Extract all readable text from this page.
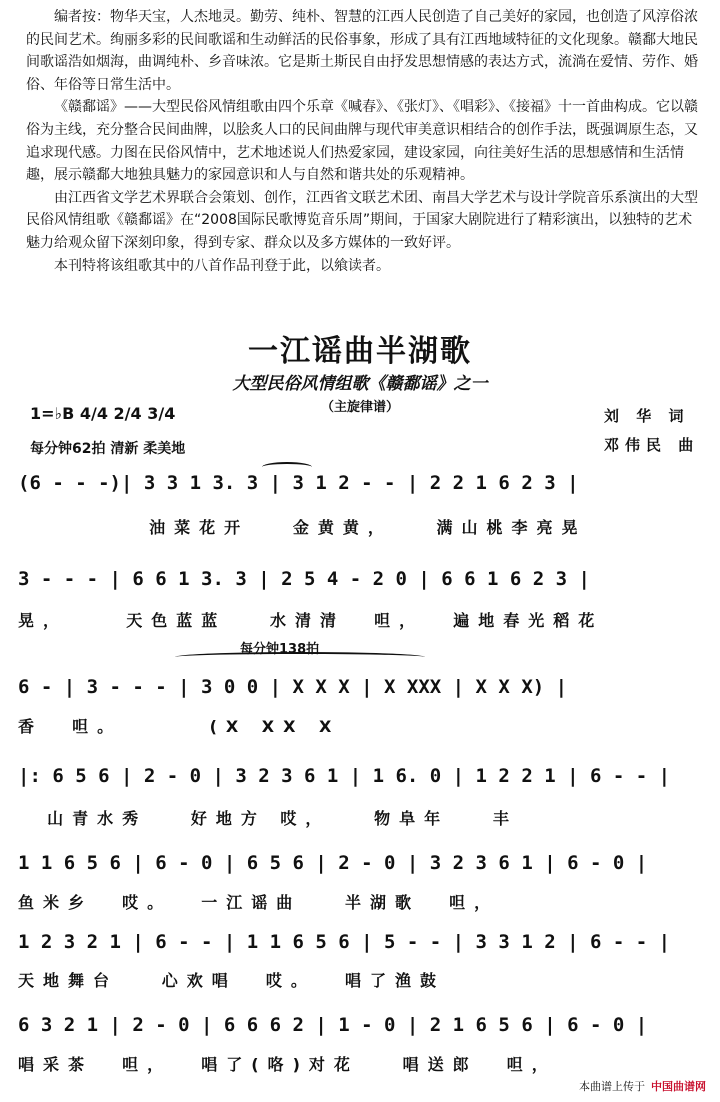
编者按：物华天宝，人杰地灵。勤劳、纯朴、智慧的江西人民创造了自己美好的家园，也创造了风淳俗浓的民间艺术。绚丽多彩的民间歌谣和生动鲜活的民俗事象，形成了具有江西地域特征的文化现象。赣鄱大地民间歌谣浩如烟海，曲调纯朴、乡音味浓。它是斯土斯民自由抒发思想情感的表达方式，流淌在爱情、劳作、婚俗、年俗等日常生活中。

《赣鄱谣》——大型民俗风情组歌由四个乐章《喊春》、《张灯》、《唱彩》、《接福》十一首曲构成。它以赣俗为主线，充分整合民间曲牌，以脍炙人口的民间曲牌与现代审美意识相结合的创作手法，既强调原生态，又追求现代感。力图在民俗风情中，艺术地述说人们热爱家园，建设家园，向往美好生活的思想感情和生活情趣，展示赣鄱大地独具魅力的家园意识和人与自然和谐共处的乐观精神。

由江西省文学艺术界联合会策划、创作，江西省文联艺术团、南昌大学艺术与设计学院音乐系演出的大型民俗风情组歌《赣鄱谣》在“2008国际民歌博览音乐周”期间，于国家大剧院进行了精彩演出，以独特的艺术魅力给观众留下深刻印象，得到专家、群众以及多方媒体的一致好评。

本刊特将该组歌其中的八首作品刊登于此，以飨读者。

一江谣曲半湖歌
大型民俗风情组歌《赣鄱谣》之一
（主旋律谱）
1=♭B 4/4 2/4 3/4
每分钟62拍 清新 柔美地
刘 华 词
邓伟民 曲
(6 - - -)| 3 3 1 3. 3 | 3 1 2 - - | 2 2 1 6 2 3 |
油菜花开   金黄黄，   满山桃李亮晃
3 - - - | 6 6 1 3. 3 | 2 5 4 - 2 0 | 6 6 1 6 2 3 |
晃，    天色蓝蓝   水清清  呾，  遍地春光稻花
每分钟138拍
6 - | 3 - - - | 3 0 0 | X X X | X XXX | X X X) |
香  呾。      (X XX X
|: 6 5 6 | 2 - 0 | 3 2 3 6 1 | 1 6. 0 | 1 2 2 1 | 6 - - |
山青水秀   好地方 哎，   物阜年   丰
1 1 6 5 6 | 6 - 0 | 6 5 6 | 2 - 0 | 3 2 3 6 1 | 6 - 0 |
鱼米乡  哎。  一江谣曲   半湖歌  呾，
1 2 3 2 1 | 6 - - | 1 1 6 5 6 | 5 - - | 3 3 1 2 | 6 - - |
天地舞台   心欢唱  哎。  唱了渔鼓
6 3 2 1 | 2 - 0 | 6 6 6 2 | 1 - 0 | 2 1 6 5 6 | 6 - 0 |
唱采茶  呾，  唱了(咯)对花   唱送郎  呾，
本曲谱上传于 中国曲谱网
